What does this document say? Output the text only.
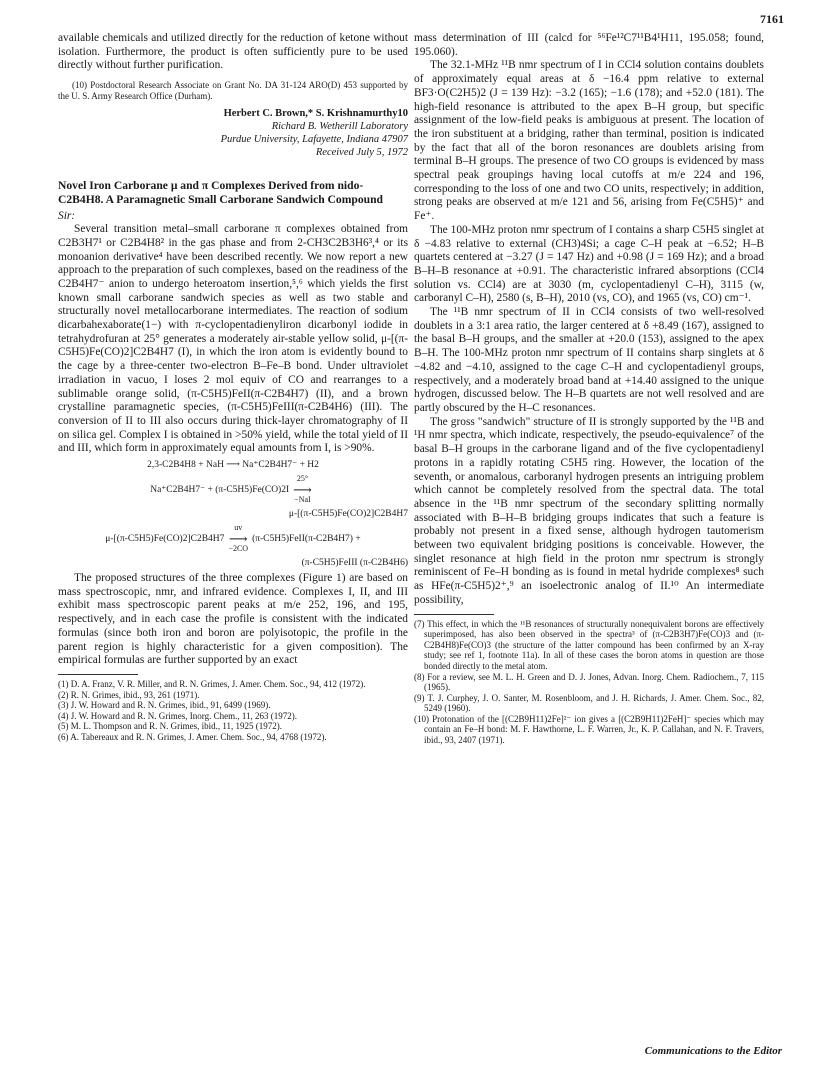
7161

available chemicals and utilized directly for the reduction of ketone without isolation. Furthermore, the product is often sufficiently pure to be used directly without further purification.

(10) Postdoctoral Research Associate on Grant No. DA 31-124 ARO(D) 453 supported by the U. S. Army Research Office (Durham).

Herbert C. Brown,* S. Krishnamurthy10
Richard B. Wetherill Laboratory
Purdue University, Lafayette, Indiana 47907
Received July 5, 1972
Novel Iron Carborane μ and π Complexes Derived from nido-C2B4H8. A Paramagnetic Small Carborane Sandwich Compound
Sir:

Several transition metal–small carborane π complexes obtained from C2B3H7¹ or C2B4H8² in the gas phase and from 2-CH3C2B3H6³,⁴ or its monoanion derivative⁴ have been described recently. We now report a new approach to the preparation of such complexes, based on the readiness of the C2B4H7⁻ anion to undergo heteroatom insertion,⁵,⁶ which yields the first known small carborane sandwich species as well as two stable and structurally novel metallocarborane intermediates. The reaction of sodium dicarbahexaborate(1−) with π-cyclopentadienyliron dicarbonyl iodide in tetrahydrofuran at 25° generates a moderately air-stable yellow solid, μ-[(π-C5H5)Fe(CO)2]C2B4H7 (I), in which the iron atom is evidently bound to the cage by a three-center two-electron B–Fe–B bond. Under ultraviolet irradiation in vacuo, I loses 2 mol equiv of CO and rearranges to a sublimable orange solid, (π-C5H5)FeII(π-C2B4H7) (II), and a brown crystalline paramagnetic species, (π-C5H5)FeIII(π-C2B4H6) (III). The conversion of II to III also occurs during thick-layer chromatography of II on silica gel. Complex I is obtained in >50% yield, while the total yield of II and III, which form in approximately equal amounts from I, is >90%.

2,3-C2B4H8 + NaH ⟶ Na⁺C2B4H7⁻ + H2
Na⁺C2B4H7⁻ + (π-C5H5)Fe(CO)2I
25°
⟶
−NaI
μ-[(π-C5H5)Fe(CO)2]C2B4H7
μ-[(π-C5H5)Fe(CO)2]C2B4H7
uv
⟶
−2CO
(π-C5H5)FeII(π-C2B4H7) +
(π-C5H5)FeIII (π-C2B4H6)

The proposed structures of the three complexes (Figure 1) are based on mass spectroscopic, nmr, and infrared evidence. Complexes I, II, and III exhibit mass spectroscopic parent peaks at m/e 252, 196, and 195, respectively, and in each case the profile is consistent with the indicated formulas (since both iron and boron are polyisotopic, the profile in the parent region is highly characteristic for a given composition). The empirical formulas are further supported by an exact

(1) D. A. Franz, V. R. Miller, and R. N. Grimes, J. Amer. Chem. Soc., 94, 412 (1972).

(2) R. N. Grimes, ibid., 93, 261 (1971).

(3) J. W. Howard and R. N. Grimes, ibid., 91, 6499 (1969).

(4) J. W. Howard and R. N. Grimes, Inorg. Chem., 11, 263 (1972).

(5) M. L. Thompson and R. N. Grimes, ibid., 11, 1925 (1972).

(6) A. Tabereaux and R. N. Grimes, J. Amer. Chem. Soc., 94, 4768 (1972).

mass determination of III (calcd for ⁵⁶Fe¹²C7¹¹B4¹H11, 195.058; found, 195.060).

The 32.1-MHz ¹¹B nmr spectrum of I in CCl4 solution contains doublets of approximately equal areas at δ −16.4 ppm relative to external BF3·O(C2H5)2 (J = 139 Hz): −3.2 (165); −1.6 (178); and +52.0 (181). The high-field resonance is attributed to the apex B–H group, but specific assignment of the low-field peaks is ambiguous at present. The location of the iron substituent at a bridging, rather than terminal, position is indicated by the fact that all of the boron resonances are doublets arising from terminal B–H groups. The presence of two CO groups is evidenced by mass spectral peak groupings having local cutoffs at m/e 224 and 196, corresponding to the loss of one and two CO units, respectively; in addition, strong peaks are observed at m/e 121 and 56, arising from Fe(C5H5)⁺ and Fe⁺.

The 100-MHz proton nmr spectrum of I contains a sharp C5H5 singlet at δ −4.83 relative to external (CH3)4Si; a cage C–H peak at −6.52; H–B quartets centered at −3.27 (J = 147 Hz) and +0.98 (J = 169 Hz); and a broad B–H–B resonance at +0.91. The characteristic infrared absorptions (CCl4 solution vs. CCl4) are at 3030 (m, cyclopentadienyl C–H), 3115 (w, carboranyl C–H), 2580 (s, B–H), 2010 (vs, CO), and 1965 (vs, CO) cm⁻¹.

The ¹¹B nmr spectrum of II in CCl4 consists of two well-resolved doublets in a 3:1 area ratio, the larger centered at δ +8.49 (167), assigned to the basal B–H groups, and the smaller at +20.0 (153), assigned to the apex B–H. The 100-MHz proton nmr spectrum of II contains sharp singlets at δ −4.82 and −4.10, assigned to the cage C–H and cyclopentadienyl groups, respectively, and a moderately broad band at +14.40 assigned to the unique hydrogen, discussed below. The H–B quartets are not well resolved and are partly obscured by the H–C resonances.

The gross "sandwich" structure of II is strongly supported by the ¹¹B and ¹H nmr spectra, which indicate, respectively, the pseudo-equivalence⁷ of the basal B–H groups in the carborane ligand and of the five cyclopentadienyl protons in a rapidly rotating C5H5 ring. However, the location of the seventh, or anomalous, carboranyl hydrogen presents an intriguing problem which cannot be completely resolved from the spectral data. The total absence in the ¹¹B nmr spectrum of the secondary splitting normally associated with B–H–B bridging groups indicates that such a feature is probably not present in a fixed sense, although hydrogen tautomerism between two equivalent bridging positions is conceivable. However, the singlet resonance at high field in the proton nmr spectrum is strongly reminiscent of Fe–H bonding as is found in metal hydride complexes⁸ such as HFe(π-C5H5)2⁺,⁹ an isoelectronic analog of II.¹⁰ An intermediate possibility,

(7) This effect, in which the ¹¹B resonances of structurally nonequivalent borons are effectively superimposed, has also been observed in the spectra³ of (π-C2B3H7)Fe(CO)3 and (π-C2B4H8)Fe(CO)3 (the structure of the latter compound has been confirmed by an X-ray study; see ref 1, footnote 11a). In all of these cases the boron atoms in question are those bonded directly to the metal atom.

(8) For a review, see M. L. H. Green and D. J. Jones, Advan. Inorg. Chem. Radiochem., 7, 115 (1965).

(9) T. J. Curphey, J. O. Santer, M. Rosenbloom, and J. H. Richards, J. Amer. Chem. Soc., 82, 5249 (1960).

(10) Protonation of the [(C2B9H11)2Fe]²⁻ ion gives a [(C2B9H11)2FeH]⁻ species which may contain an Fe–H bond: M. F. Hawthorne, L. F. Warren, Jr., K. P. Callahan, and N. F. Travers, ibid., 93, 2407 (1971).

Communications to the Editor
